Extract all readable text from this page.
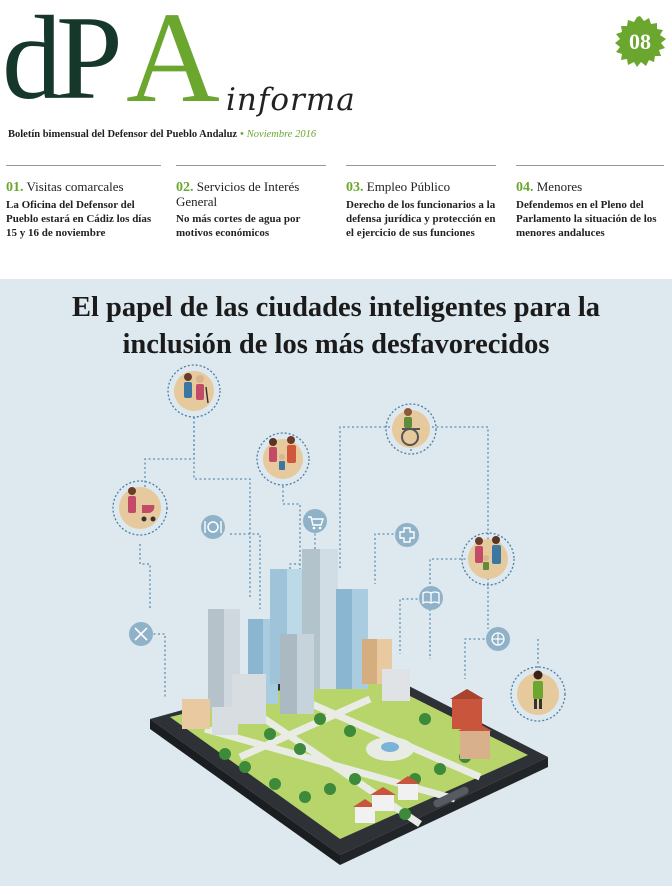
dP A informa
08
Boletín bimensual del Defensor del Pueblo Andaluz • Noviembre 2016
01. Visitas comarcales
La Oficina del Defensor del Pueblo estará en Cádiz los días 15 y 16 de noviembre
02. Servicios de Interés General
No más cortes de agua por motivos económicos
03. Empleo Público
Derecho de los funcionarios a la defensa jurídica y protección en el ejercicio de sus funciones
04. Menores
Defendemos en el Pleno del Parlamento la situación de los menores andaluces
El papel de las ciudades inteligentes para la
inclusión de los más desfavorecidos
